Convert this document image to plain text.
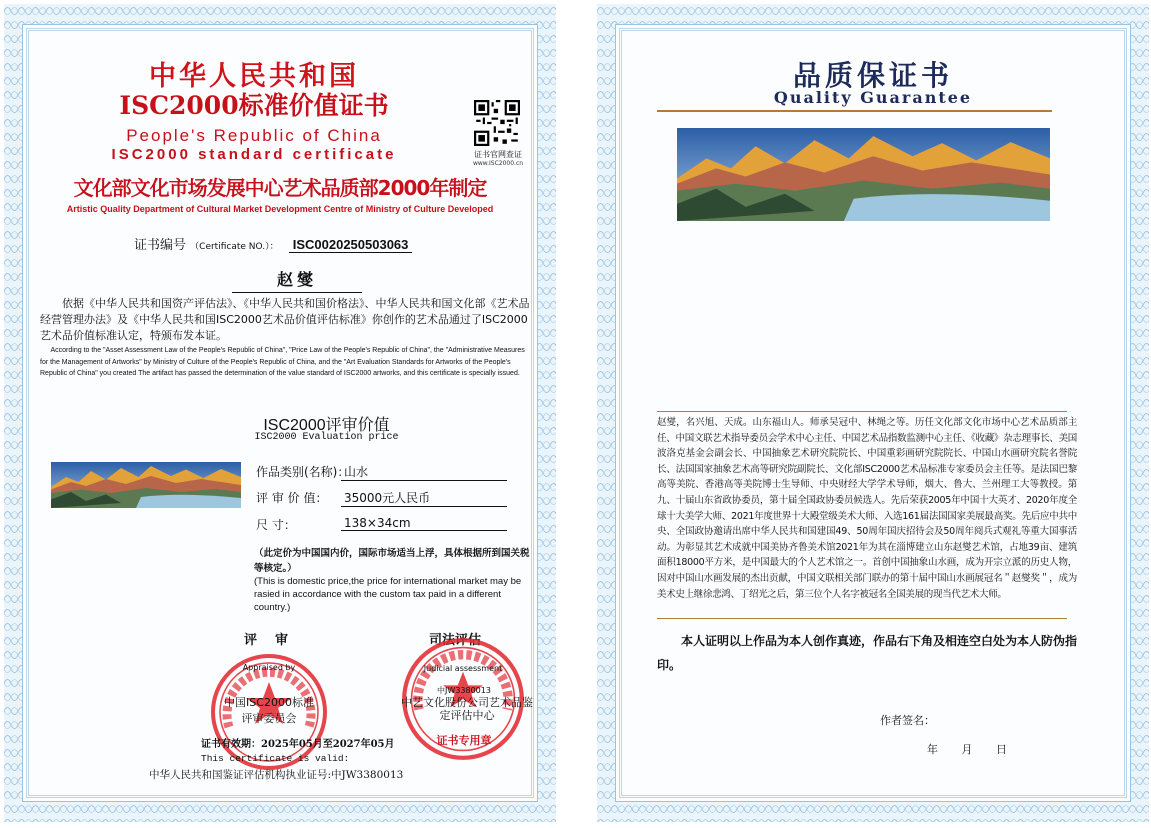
中华人民共和国
ISC2000标准价值证书
People's Republic of China
ISC2000 standard certificate	证书官网查证
www.ISC2000.cn
文化部文化市场发展中心艺术品质部2000年制定
Artistic Quality Department of Cultural Market Development Centre of Ministry of Culture Developed
证书编号 （Certificate NO.）： ISC0020250503063
赵燮
依据《中华人民共和国资产评估法》、《中华人民共和国价格法》、中华人民共和国文化部《艺术品经营管理办法》及《中华人民共和国ISC2000艺术品价值评估标准》你创作的艺术品通过了ISC2000艺术品价值标准认定，特颁布发本证。
According to the "Asset Assessment Law of the People's Republic of China", "Price Law of the People's Republic of China", the "Administrative Measures for the Management of Artworks" by Ministry of Culture of the People's Republic of China, and the "Art Evaluation Standards for Artworks of the People's Republic of China" you created The artifact has passed the determination of the value standard of ISC2000 artworks, and this certificate is specially issued.
ISC2000评审价值
ISC2000 Evaluation price
作品类别(名称)：
山水
评 审 价 值： 35000元人民币
尺 寸：	138×34cm
（此定价为中国国内价，国际市场适当上浮，具体根据所到国关税等核定。）
(This is domestic price,the price for international market may be rasied in accordance with the custom tax paid in a different country.)
评审	司法评估
Appraised by
中国ISC2000标准评审委员会
Judicial assessment
中JW3380013
中艺文化股份公司艺术品鉴定评估中心
证书专用章
证书有效期：2025年05月至2027年05月
This certificate is valid:
中华人民共和国鉴证评估机构执业证号:中JW3380013
品质保证书
Quality Guarantee
赵燮，名兴旭、天成。山东福山人。师承吴冠中、林绳之等。历任文化部文化市场中心艺术品质部主任、中国文联艺术指导委员会学术中心主任、中国艺术品指数监测中心主任、《收藏》杂志理事长、美国波洛克基金会副会长、中国抽象艺术研究院院长、中国重彩画研究院院长、中国山水画研究院名誉院长、法国国家抽象艺术高等研究院副院长、文化部ISC2000艺术品标准专家委员会主任等。是法国巴黎高等美院、香港高等美院博士生导师、中央财经大学学术导师，烟大、鲁大、兰州理工大等教授。第九、十届山东省政协委员，第十届全国政协委员候选人。先后荣获2005年中国十大英才、2020年度全球十大美学大师、2021年度世界十大殿堂级美术大师、入选161届法国国家美展最高奖。先后应中共中央、全国政协邀请出席中华人民共和国建国49、50周年国庆招待会及50周年阅兵式观礼等重大国事活动。为彰显其艺术成就中国美协齐鲁美术馆2021年为其在淄博建立山东赵燮艺术馆，占地39亩、建筑面积18000平方米，是中国最大的个人艺术馆之一。首创中国抽象山水画，成为开宗立派的历史人物，因对中国山水画发展的杰出贡献，中国文联相关部门联办的第十届中国山水画展冠名＂赵燮奖＂，成为美术史上继徐悲鸿、丁绍光之后，第三位个人名字被冠名全国美展的现当代艺术大师。
本人证明以上作品为本人创作真迹，作品右下角及相连空白处为本人防伪指印。
作者签名：
年 月 日
